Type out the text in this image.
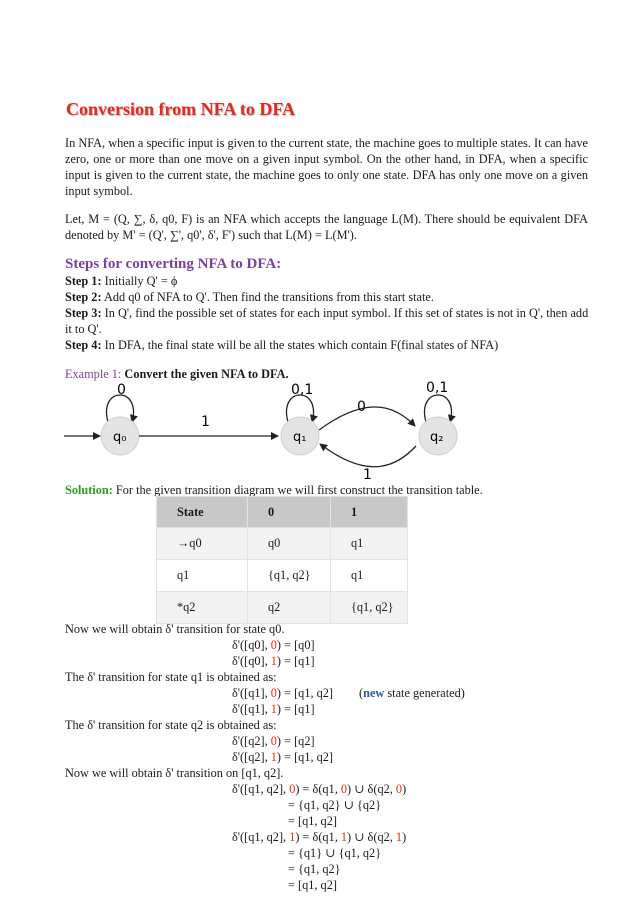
Conversion from NFA to DFA
In NFA, when a specific input is given to the current state, the machine goes to multiple states. It can have zero, one or more than one move on a given input symbol. On the other hand, in DFA, when a specific input is given to the current state, the machine goes to only one state. DFA has only one move on a given input symbol.
Let, M = (Q, ∑, δ, q0, F) is an NFA which accepts the language L(M). There should be equivalent DFA denoted by M' = (Q', ∑', q0', δ', F') such that L(M) = L(M').
Steps for converting NFA to DFA:
Step 1: Initially Q' = ϕ
Step 2: Add q0 of NFA to Q'. Then find the transitions from this start state.
Step 3: In Q', find the possible set of states for each input symbol. If this set of states is not in Q', then add it to Q'.
Step 4: In DFA, the final state will be all the states which contain F(final states of NFA)
Example 1: Convert the given NFA to DFA.
0
q₀
1
0,1
q₁
0
1
0,1
q₂
Solution: For the given transition diagram we will first construct the transition table.
State	0	1
→q0	q0	q1
q1	{q1, q2}	q1
*q2	q2	{q1, q2}
Now we will obtain δ' transition for state q0.
δ'([q0], 0) = [q0]
δ'([q0], 1) = [q1]
The δ' transition for state q1 is obtained as:
δ'([q1], 0) = [q1, q2] (new state generated)
δ'([q1], 1) = [q1]
The δ' transition for state q2 is obtained as:
δ'([q2], 0) = [q2]
δ'([q2], 1) = [q1, q2]
Now we will obtain δ' transition on [q1, q2].
δ'([q1, q2], 0) = δ(q1, 0) ∪ δ(q2, 0)
= {q1, q2} ∪ {q2}
= [q1, q2]
δ'([q1, q2], 1) = δ(q1, 1) ∪ δ(q2, 1)
= {q1} ∪ {q1, q2}
= {q1, q2}
= [q1, q2]
